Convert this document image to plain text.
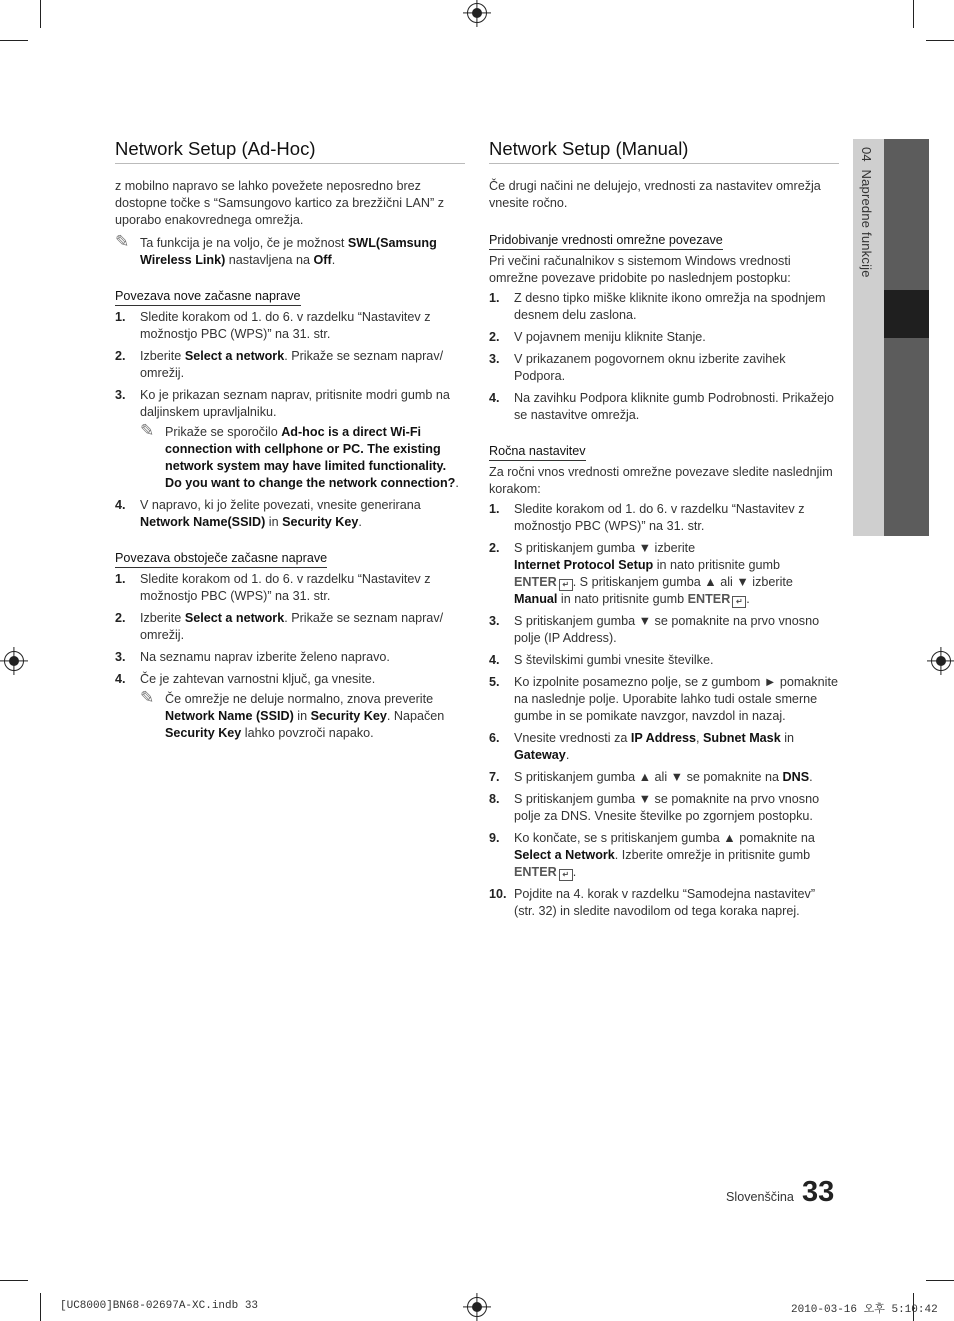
04  Napredne funkcije
Network Setup (Ad-Hoc)

z mobilno napravo se lahko povežete neposredno brez dostopne točke s “Samsungovo kartico za brezžični LAN” z uporabo enakovrednega omrežja.

✎ Ta funkcija je na voljo, če je možnost SWL(Samsung Wireless Link) nastavljena na Off.
Povezava nove začasne naprave
1. Sledite korakom od 1. do 6. v razdelku “Nastavitev z možnostjo PBC (WPS)” na 31. str.
2. Izberite Select a network. Prikaže se seznam naprav/ omrežij.
3. Ko je prikazan seznam naprav, pritisnite modri gumb na daljinskem upravljalniku.
✎ Prikaže se sporočilo Ad-hoc is a direct Wi-Fi connection with cellphone or PC. The existing network system may have limited functionality. Do you want to change the network connection?.
4. V napravo, ki jo želite povezati, vnesite generirana Network Name(SSID) in Security Key.
Povezava obstoječe začasne naprave
1. Sledite korakom od 1. do 6. v razdelku “Nastavitev z možnostjo PBC (WPS)” na 31. str.
2. Izberite Select a network. Prikaže se seznam naprav/ omrežij.
3. Na seznamu naprav izberite želeno napravo.
4. Če je zahtevan varnostni ključ, ga vnesite.
✎ Če omrežje ne deluje normalno, znova preverite Network Name (SSID) in Security Key. Napačen Security Key lahko povzroči napako.
Network Setup (Manual)

Če drugi načini ne delujejo, vrednosti za nastavitev omrežja vnesite ročno.

Pridobivanje vrednosti omrežne povezave

Pri večini računalnikov s sistemom Windows vrednosti omrežne povezave pridobite po naslednjem postopku:

1. Z desno tipko miške kliknite ikono omrežja na spodnjem desnem delu zaslona.
2. V pojavnem meniju kliknite Stanje.
3. V prikazanem pogovornem oknu izberite zavihek Podpora.
4. Na zavihku Podpora kliknite gumb Podrobnosti. Prikažejo se nastavitve omrežja.
Ročna nastavitev

Za ročni vnos vrednosti omrežne povezave sledite naslednjim korakom:

1. Sledite korakom od 1. do 6. v razdelku “Nastavitev z možnostjo PBC (WPS)” na 31. str.
2. S pritiskanjem gumba ▼ izberite
Internet Protocol Setup in nato pritisnite gumb
ENTER ↵ . S pritiskanjem gumba ▲ ali ▼ izberite Manual in nato pritisnite gumb ENTER ↵ .
3. S pritiskanjem gumba ▼ se pomaknite na prvo vnosno polje (IP Address).
4. S številskimi gumbi vnesite številke.
5. Ko izpolnite posamezno polje, se z gumbom ► pomaknite na naslednje polje. Uporabite lahko tudi ostale smerne gumbe in se pomikate navzgor, navzdol in nazaj.
6. Vnesite vrednosti za IP Address, Subnet Mask in Gateway.
7. S pritiskanjem gumba ▲ ali ▼ se pomaknite na DNS.
8. S pritiskanjem gumba ▼ se pomaknite na prvo vnosno polje za DNS. Vnesite številke po zgornjem postopku.
9. Ko končate, se s pritiskanjem gumba ▲ pomaknite na Select a Network. Izberite omrežje in pritisnite gumb ENTER ↵ .
10. Pojdite na 4. korak v razdelku “Samodejna nastavitev” (str. 32) in sledite navodilom od tega koraka naprej.
Slovenščina 33
[UC8000]BN68-02697A-XC.indb 33	2010-03-16 오후 5:10:42
